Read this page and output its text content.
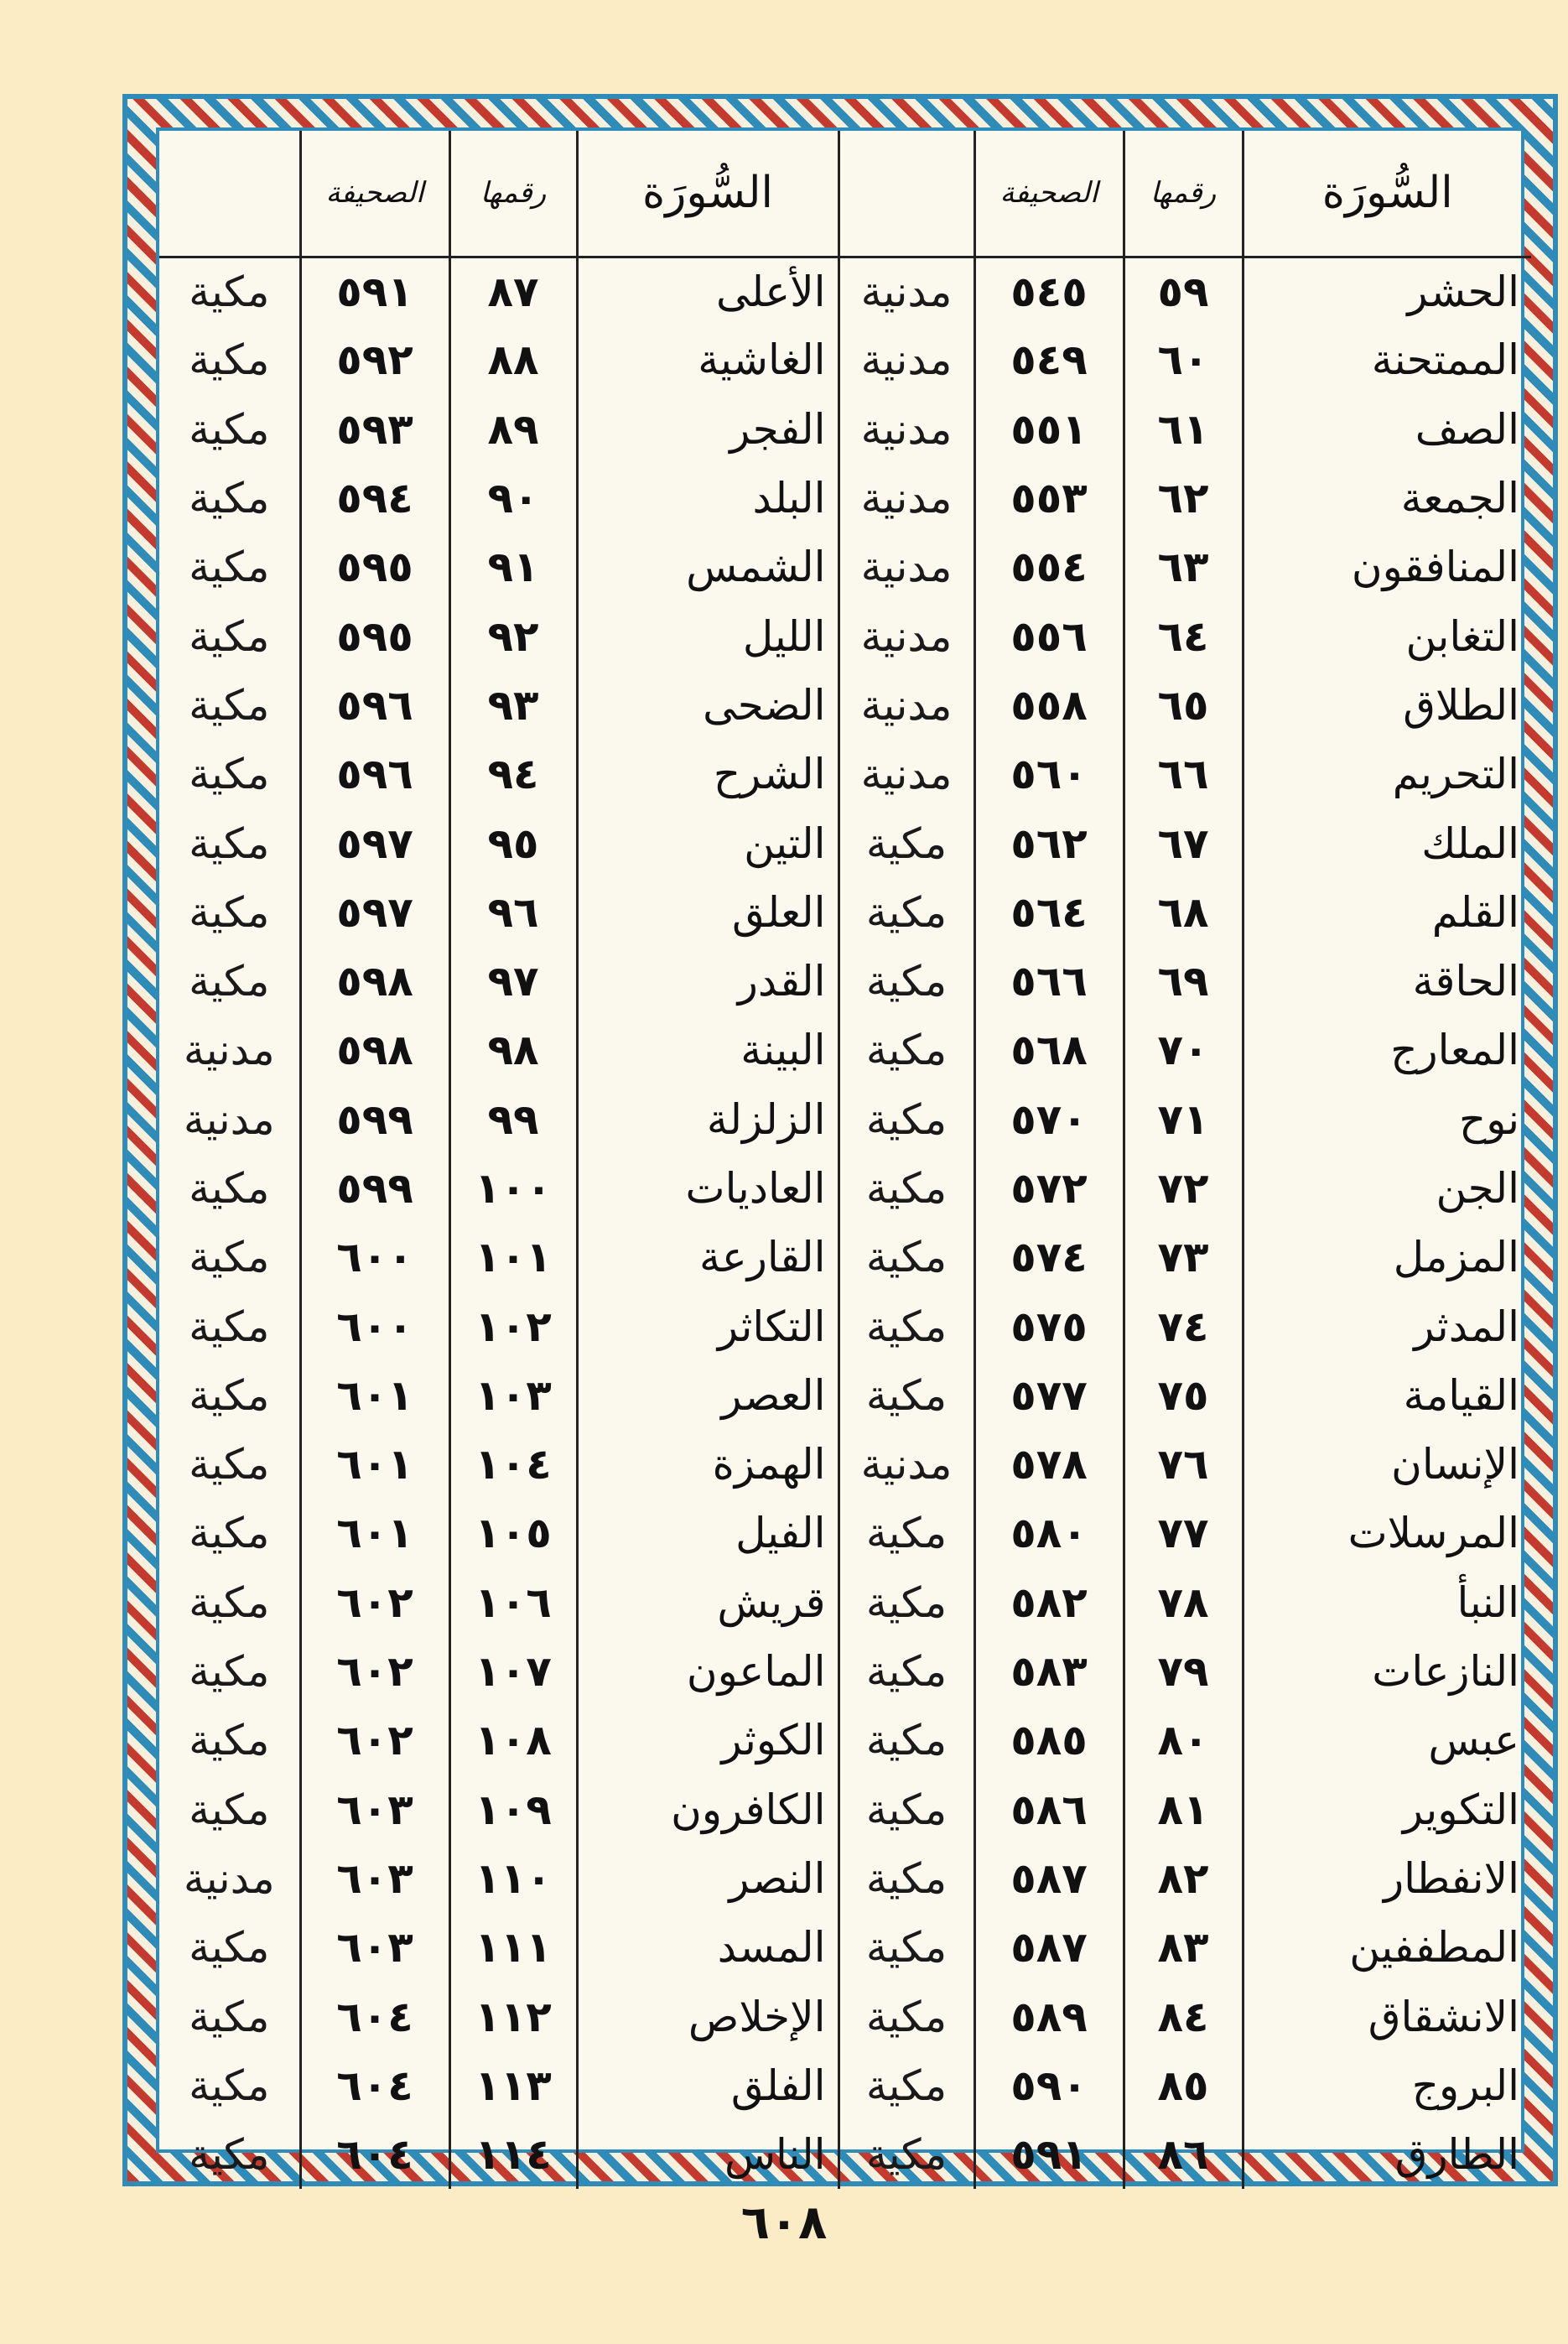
السُّورَة	رقمها	الصحيفة		السُّورَة	رقمها	الصحيفة	
الحشر	٥٩	٥٤٥	مدنية	الأعلى	٨٧	٥٩١	مكية
الممتحنة	٦٠	٥٤٩	مدنية	الغاشية	٨٨	٥٩٢	مكية
الصف	٦١	٥٥١	مدنية	الفجر	٨٩	٥٩٣	مكية
الجمعة	٦٢	٥٥٣	مدنية	البلد	٩٠	٥٩٤	مكية
المنافقون	٦٣	٥٥٤	مدنية	الشمس	٩١	٥٩٥	مكية
التغابن	٦٤	٥٥٦	مدنية	الليل	٩٢	٥٩٥	مكية
الطلاق	٦٥	٥٥٨	مدنية	الضحى	٩٣	٥٩٦	مكية
التحريم	٦٦	٥٦٠	مدنية	الشرح	٩٤	٥٩٦	مكية
الملك	٦٧	٥٦٢	مكية	التين	٩٥	٥٩٧	مكية
القلم	٦٨	٥٦٤	مكية	العلق	٩٦	٥٩٧	مكية
الحاقة	٦٩	٥٦٦	مكية	القدر	٩٧	٥٩٨	مكية
المعارج	٧٠	٥٦٨	مكية	البينة	٩٨	٥٩٨	مدنية
نوح	٧١	٥٧٠	مكية	الزلزلة	٩٩	٥٩٩	مدنية
الجن	٧٢	٥٧٢	مكية	العاديات	١٠٠	٥٩٩	مكية
المزمل	٧٣	٥٧٤	مكية	القارعة	١٠١	٦٠٠	مكية
المدثر	٧٤	٥٧٥	مكية	التكاثر	١٠٢	٦٠٠	مكية
القيامة	٧٥	٥٧٧	مكية	العصر	١٠٣	٦٠١	مكية
الإنسان	٧٦	٥٧٨	مدنية	الهمزة	١٠٤	٦٠١	مكية
المرسلات	٧٧	٥٨٠	مكية	الفيل	١٠٥	٦٠١	مكية
النبأ	٧٨	٥٨٢	مكية	قريش	١٠٦	٦٠٢	مكية
النازعات	٧٩	٥٨٣	مكية	الماعون	١٠٧	٦٠٢	مكية
عبس	٨٠	٥٨٥	مكية	الكوثر	١٠٨	٦٠٢	مكية
التكوير	٨١	٥٨٦	مكية	الكافرون	١٠٩	٦٠٣	مكية
الانفطار	٨٢	٥٨٧	مكية	النصر	١١٠	٦٠٣	مدنية
المطففين	٨٣	٥٨٧	مكية	المسد	١١١	٦٠٣	مكية
الانشقاق	٨٤	٥٨٩	مكية	الإخلاص	١١٢	٦٠٤	مكية
البروج	٨٥	٥٩٠	مكية	الفلق	١١٣	٦٠٤	مكية
الطارق	٨٦	٥٩١	مكية	الناس	١١٤	٦٠٤	مكية
٦٠٨
